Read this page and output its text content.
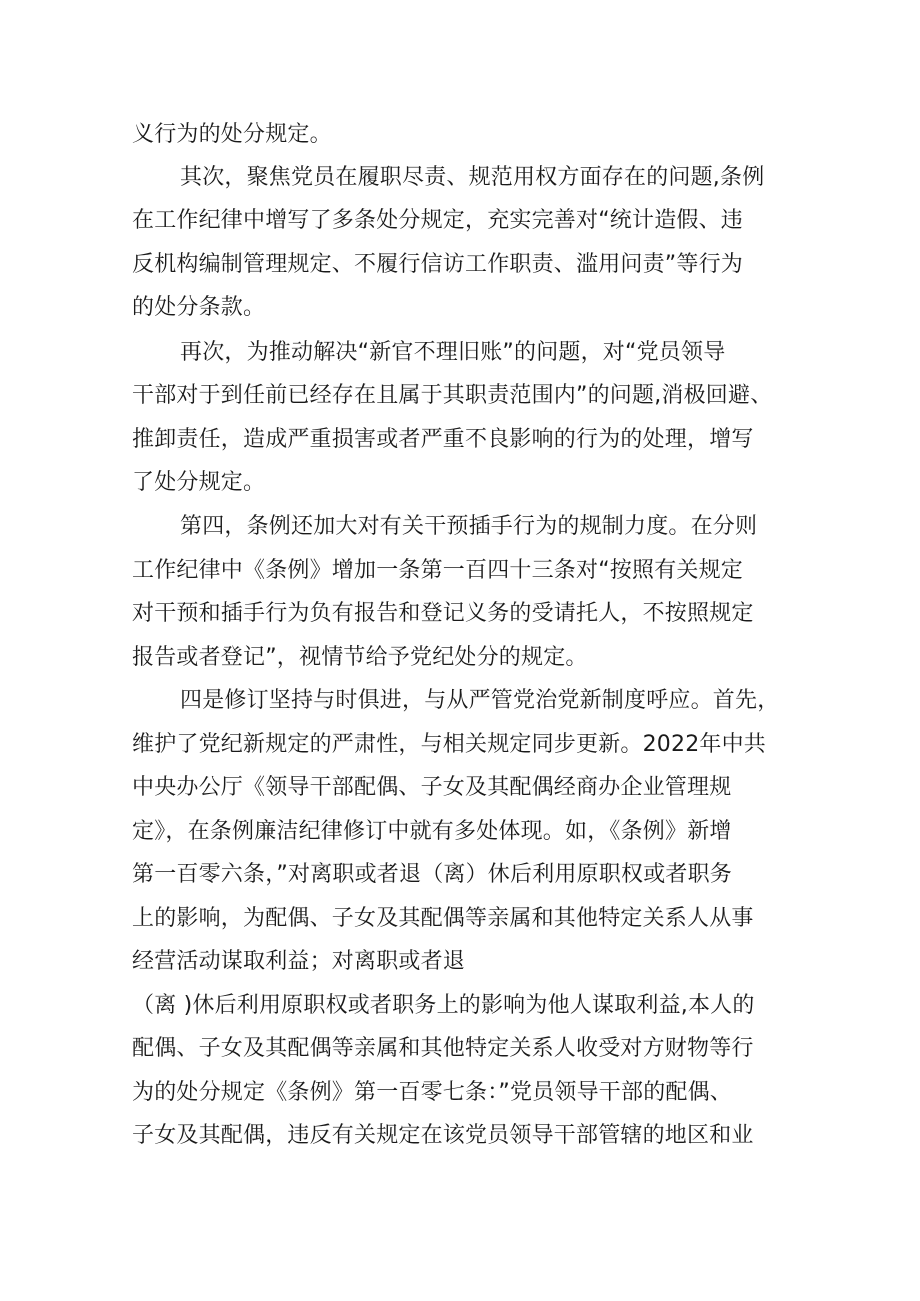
义行为的处分规定。
其次，聚焦党员在履职尽责、规范用权方面存在的问题,条例
在工作纪律中增写了多条处分规定，充实完善对“统计造假、违
反机构编制管理规定、不履行信访工作职责、滥用问责”等行为
的处分条款。
再次，为推动解决“新官不理旧账”的问题，对“党员领导
干部对于到任前已经存在且属于其职责范围内”的问题,消极回避、
推卸责任，造成严重损害或者严重不良影响的行为的处理，增写
了处分规定。
第四，条例还加大对有关干预插手行为的规制力度。在分则
工作纪律中《条例》增加一条第一百四十三条对“按照有关规定
对干预和插手行为负有报告和登记义务的受请托人，不按照规定
报告或者登记”，视情节给予党纪处分的规定。
四是修订坚持与时俱进，与从严管党治党新制度呼应。首先，
维护了党纪新规定的严肃性，与相关规定同步更新。2022年中共
中央办公厅《领导干部配偶、子女及其配偶经商办企业管理规
定》，在条例廉洁纪律修订中就有多处体现。如，《条例》新增
第一百零六条，”对离职或者退（离）休后利用原职权或者职务
上的影响，为配偶、子女及其配偶等亲属和其他特定关系人从事
经营活动谋取利益；对离职或者退
（离 )休后利用原职权或者职务上的影响为他人谋取利益,本人的
配偶、子女及其配偶等亲属和其他特定关系人收受对方财物等行
为的处分规定《条例》第一百零七条：”党员领导干部的配偶、
子女及其配偶，违反有关规定在该党员领导干部管辖的地区和业
